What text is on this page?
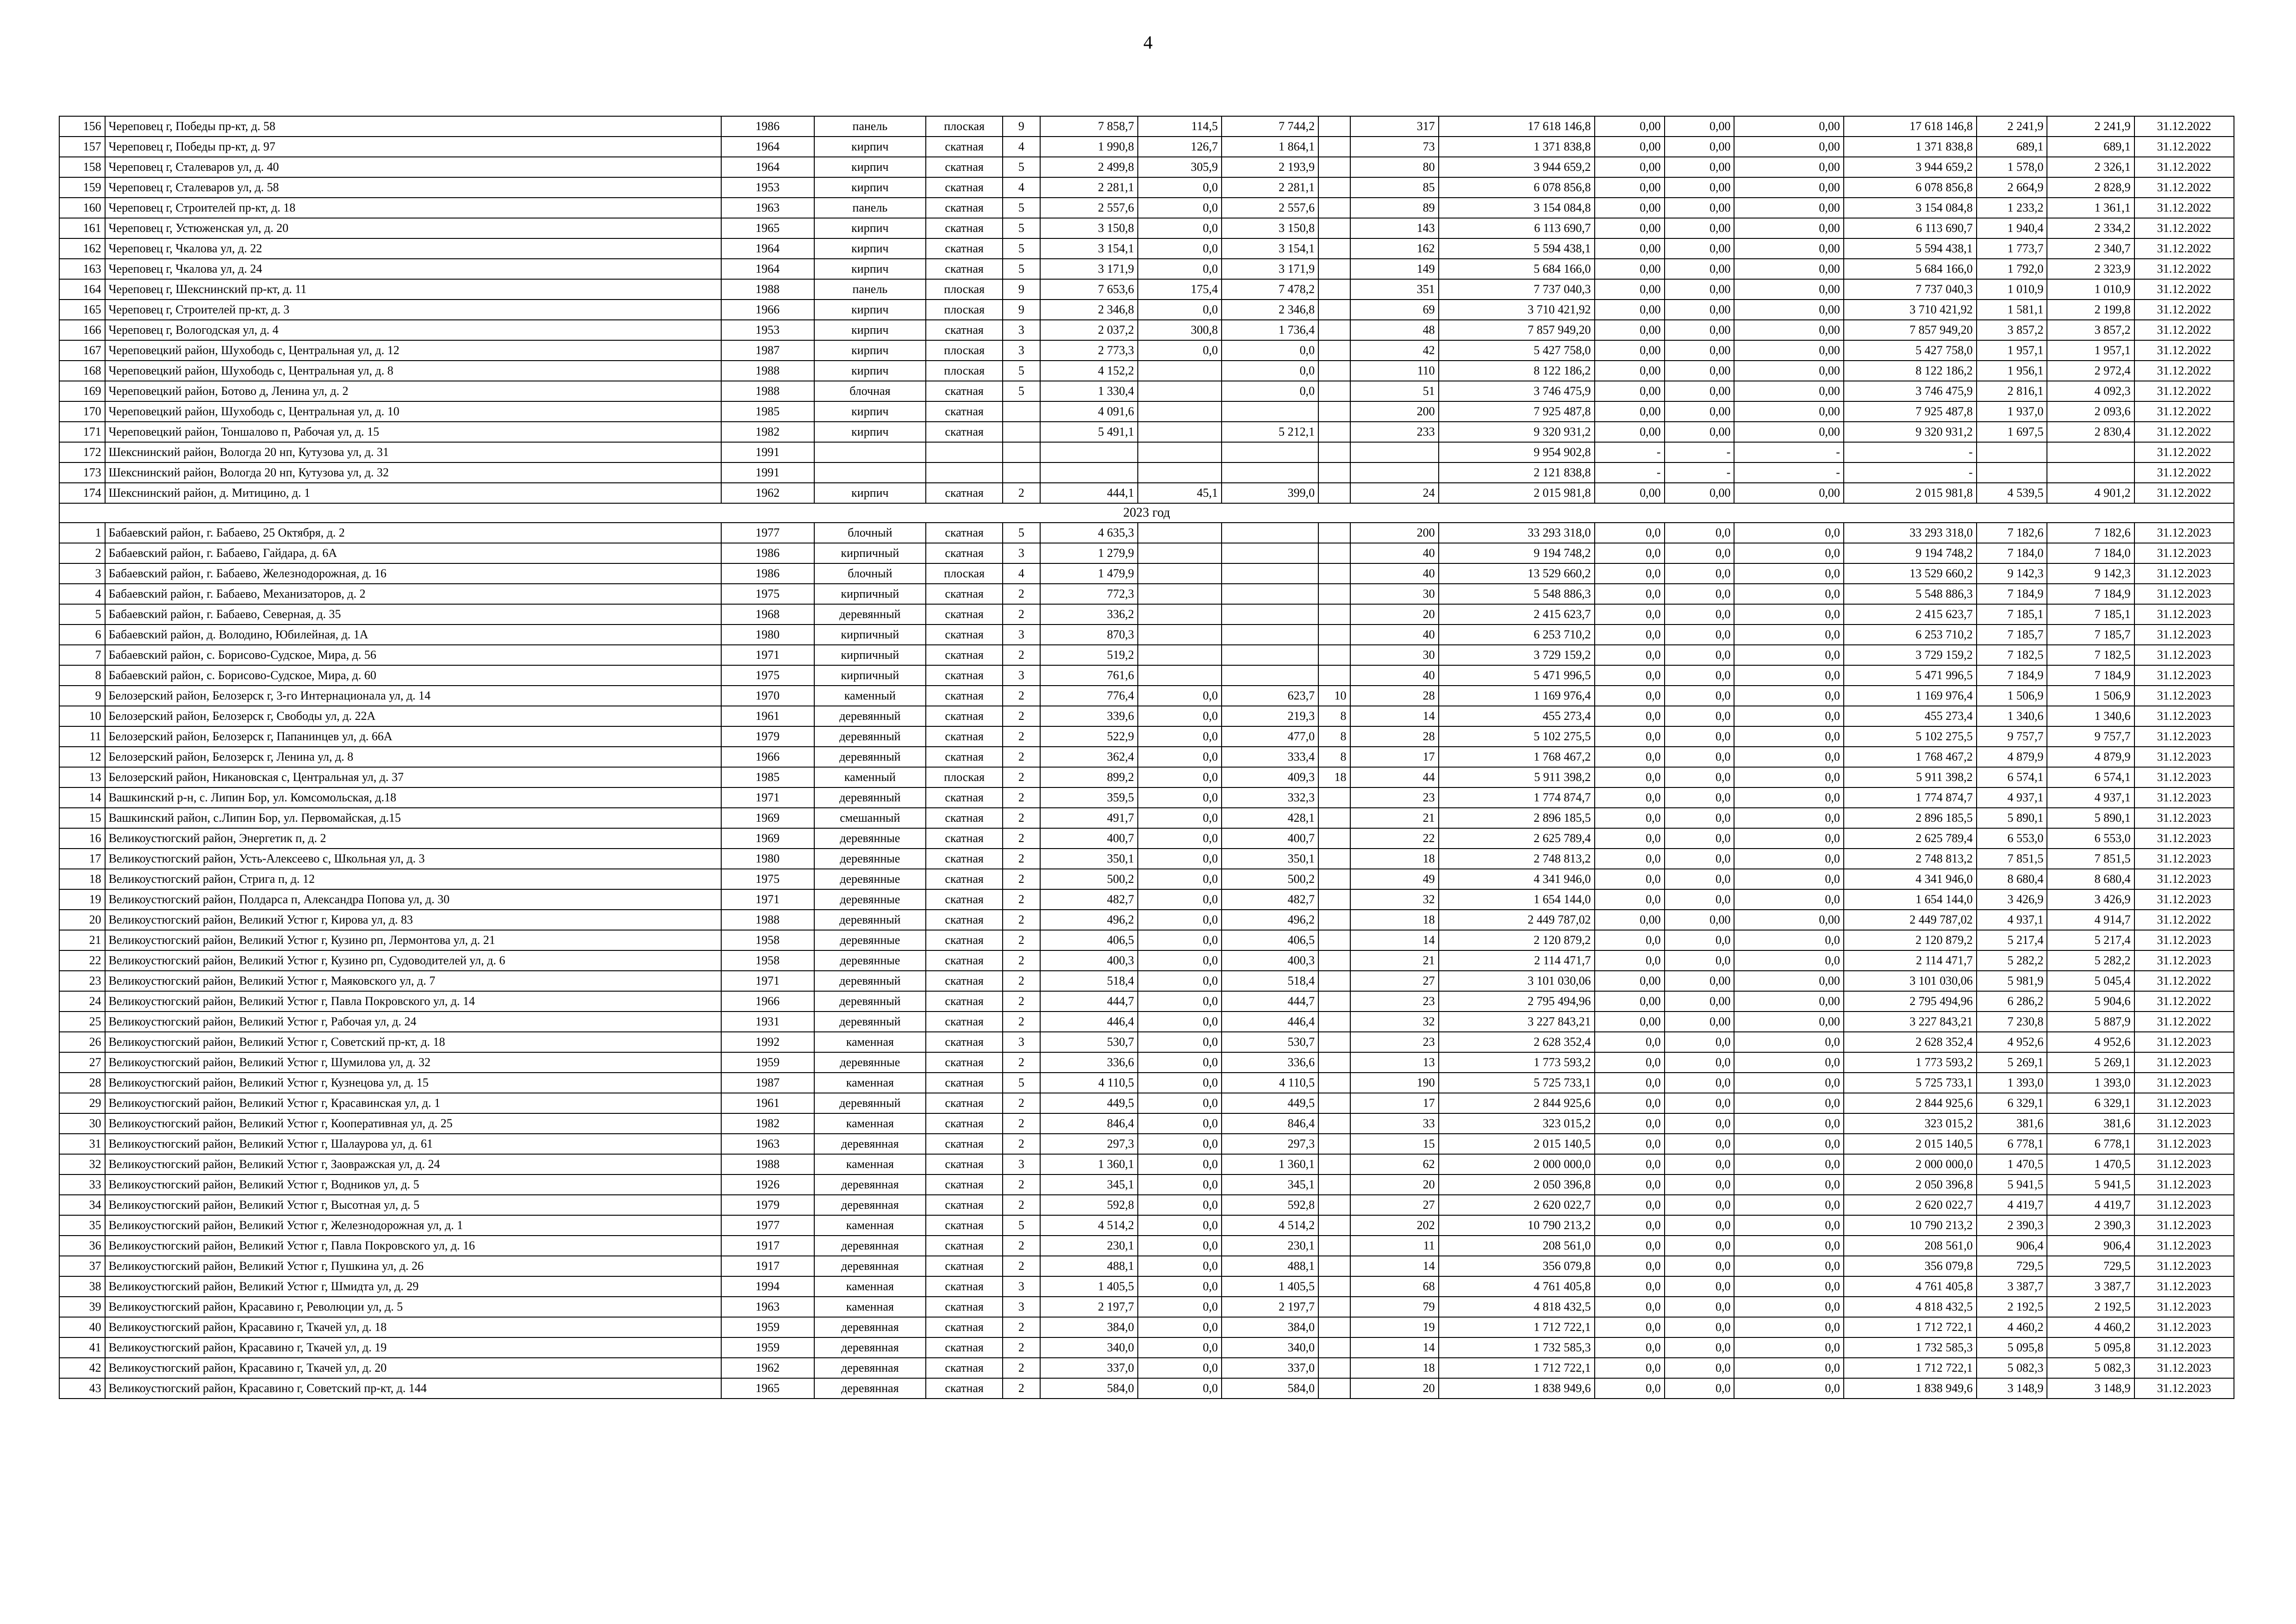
4
156	Череповец г, Победы пр-кт, д. 58	1986	панель	плоская	9	7 858,7	114,5	7 744,2		317	17 618 146,8	0,00	0,00	0,00	17 618 146,8	2 241,9	2 241,9	31.12.2022
157	Череповец г, Победы пр-кт, д. 97	1964	кирпич	скатная	4	1 990,8	126,7	1 864,1		73	1 371 838,8	0,00	0,00	0,00	1 371 838,8	689,1	689,1	31.12.2022
158	Череповец г, Сталеваров ул, д. 40	1964	кирпич	скатная	5	2 499,8	305,9	2 193,9		80	3 944 659,2	0,00	0,00	0,00	3 944 659,2	1 578,0	2 326,1	31.12.2022
159	Череповец г, Сталеваров ул, д. 58	1953	кирпич	скатная	4	2 281,1	0,0	2 281,1		85	6 078 856,8	0,00	0,00	0,00	6 078 856,8	2 664,9	2 828,9	31.12.2022
160	Череповец г, Строителей пр-кт, д. 18	1963	панель	скатная	5	2 557,6	0,0	2 557,6		89	3 154 084,8	0,00	0,00	0,00	3 154 084,8	1 233,2	1 361,1	31.12.2022
161	Череповец г, Устюженская ул, д. 20	1965	кирпич	скатная	5	3 150,8	0,0	3 150,8		143	6 113 690,7	0,00	0,00	0,00	6 113 690,7	1 940,4	2 334,2	31.12.2022
162	Череповец г, Чкалова ул, д. 22	1964	кирпич	скатная	5	3 154,1	0,0	3 154,1		162	5 594 438,1	0,00	0,00	0,00	5 594 438,1	1 773,7	2 340,7	31.12.2022
163	Череповец г, Чкалова ул, д. 24	1964	кирпич	скатная	5	3 171,9	0,0	3 171,9		149	5 684 166,0	0,00	0,00	0,00	5 684 166,0	1 792,0	2 323,9	31.12.2022
164	Череповец г, Шекснинский пр-кт, д. 11	1988	панель	плоская	9	7 653,6	175,4	7 478,2		351	7 737 040,3	0,00	0,00	0,00	7 737 040,3	1 010,9	1 010,9	31.12.2022
165	Череповец г, Строителей пр-кт, д. 3	1966	кирпич	плоская	9	2 346,8	0,0	2 346,8		69	3 710 421,92	0,00	0,00	0,00	3 710 421,92	1 581,1	2 199,8	31.12.2022
166	Череповец г, Вологодская ул, д. 4	1953	кирпич	скатная	3	2 037,2	300,8	1 736,4		48	7 857 949,20	0,00	0,00	0,00	7 857 949,20	3 857,2	3 857,2	31.12.2022
167	Череповецкий район, Шухободь с, Центральная ул, д. 12	1987	кирпич	плоская	3	2 773,3	0,0	0,0		42	5 427 758,0	0,00	0,00	0,00	5 427 758,0	1 957,1	1 957,1	31.12.2022
168	Череповецкий район, Шухободь с, Центральная ул, д. 8	1988	кирпич	плоская	5	4 152,2		0,0		110	8 122 186,2	0,00	0,00	0,00	8 122 186,2	1 956,1	2 972,4	31.12.2022
169	Череповецкий район, Ботово д, Ленина ул, д. 2	1988	блочная	скатная	5	1 330,4		0,0		51	3 746 475,9	0,00	0,00	0,00	3 746 475,9	2 816,1	4 092,3	31.12.2022
170	Череповецкий район, Шухободь с, Центральная ул, д. 10	1985	кирпич	скатная		4 091,6				200	7 925 487,8	0,00	0,00	0,00	7 925 487,8	1 937,0	2 093,6	31.12.2022
171	Череповецкий район, Тоншалово п, Рабочая ул, д. 15	1982	кирпич	скатная		5 491,1		5 212,1		233	9 320 931,2	0,00	0,00	0,00	9 320 931,2	1 697,5	2 830,4	31.12.2022
172	Шекснинский район, Вологда 20 нп, Кутузова ул, д. 31	1991									9 954 902,8	-	-	-	-			31.12.2022
173	Шекснинский район, Вологда 20 нп, Кутузова ул, д. 32	1991									2 121 838,8	-	-	-	-			31.12.2022
174	Шекснинский район, д. Митицино, д. 1	1962	кирпич	скатная	2	444,1	45,1	399,0		24	2 015 981,8	0,00	0,00	0,00	2 015 981,8	4 539,5	4 901,2	31.12.2022
2023 год																		
1	Бабаевский район, г. Бабаево, 25 Октября, д. 2	1977	блочный	скатная	5	4 635,3				200	33 293 318,0	0,0	0,0	0,0	33 293 318,0	7 182,6	7 182,6	31.12.2023
2	Бабаевский район, г. Бабаево, Гайдара, д. 6А	1986	кирпичный	скатная	3	1 279,9				40	9 194 748,2	0,0	0,0	0,0	9 194 748,2	7 184,0	7 184,0	31.12.2023
3	Бабаевский район, г. Бабаево, Железнодорожная, д. 16	1986	блочный	плоская	4	1 479,9				40	13 529 660,2	0,0	0,0	0,0	13 529 660,2	9 142,3	9 142,3	31.12.2023
4	Бабаевский район, г. Бабаево, Механизаторов, д. 2	1975	кирпичный	скатная	2	772,3				30	5 548 886,3	0,0	0,0	0,0	5 548 886,3	7 184,9	7 184,9	31.12.2023
5	Бабаевский район, г. Бабаево, Северная, д. 35	1968	деревянный	скатная	2	336,2				20	2 415 623,7	0,0	0,0	0,0	2 415 623,7	7 185,1	7 185,1	31.12.2023
6	Бабаевский район, д. Володино, Юбилейная, д. 1А	1980	кирпичный	скатная	3	870,3				40	6 253 710,2	0,0	0,0	0,0	6 253 710,2	7 185,7	7 185,7	31.12.2023
7	Бабаевский район, с. Борисово-Судское, Мира, д. 56	1971	кирпичный	скатная	2	519,2				30	3 729 159,2	0,0	0,0	0,0	3 729 159,2	7 182,5	7 182,5	31.12.2023
8	Бабаевский район, с. Борисово-Судское, Мира, д. 60	1975	кирпичный	скатная	3	761,6				40	5 471 996,5	0,0	0,0	0,0	5 471 996,5	7 184,9	7 184,9	31.12.2023
9	Белозерский район, Белозерск г, 3-го Интернационала ул, д. 14	1970	каменный	скатная	2	776,4	0,0	623,7	10	28	1 169 976,4	0,0	0,0	0,0	1 169 976,4	1 506,9	1 506,9	31.12.2023
10	Белозерский район, Белозерск г, Свободы ул, д. 22А	1961	деревянный	скатная	2	339,6	0,0	219,3	8	14	455 273,4	0,0	0,0	0,0	455 273,4	1 340,6	1 340,6	31.12.2023
11	Белозерский район, Белозерск г, Папанинцев ул, д. 66А	1979	деревянный	скатная	2	522,9	0,0	477,0	8	28	5 102 275,5	0,0	0,0	0,0	5 102 275,5	9 757,7	9 757,7	31.12.2023
12	Белозерский район, Белозерск г, Ленина ул, д. 8	1966	деревянный	скатная	2	362,4	0,0	333,4	8	17	1 768 467,2	0,0	0,0	0,0	1 768 467,2	4 879,9	4 879,9	31.12.2023
13	Белозерский район, Никановская с, Центральная ул, д. 37	1985	каменный	плоская	2	899,2	0,0	409,3	18	44	5 911 398,2	0,0	0,0	0,0	5 911 398,2	6 574,1	6 574,1	31.12.2023
14	Вашкинский р-н, с. Липин Бор, ул. Комсомольская, д.18	1971	деревянный	скатная	2	359,5	0,0	332,3		23	1 774 874,7	0,0	0,0	0,0	1 774 874,7	4 937,1	4 937,1	31.12.2023
15	Вашкинский район, с.Липин Бор, ул. Первомайская, д.15	1969	смешанный	скатная	2	491,7	0,0	428,1		21	2 896 185,5	0,0	0,0	0,0	2 896 185,5	5 890,1	5 890,1	31.12.2023
16	Великоустюгский район, Энергетик п, д. 2	1969	деревянные	скатная	2	400,7	0,0	400,7		22	2 625 789,4	0,0	0,0	0,0	2 625 789,4	6 553,0	6 553,0	31.12.2023
17	Великоустюгский район, Усть-Алексеево с, Школьная ул, д. 3	1980	деревянные	скатная	2	350,1	0,0	350,1		18	2 748 813,2	0,0	0,0	0,0	2 748 813,2	7 851,5	7 851,5	31.12.2023
18	Великоустюгский район, Стрига п, д. 12	1975	деревянные	скатная	2	500,2	0,0	500,2		49	4 341 946,0	0,0	0,0	0,0	4 341 946,0	8 680,4	8 680,4	31.12.2023
19	Великоустюгский район, Полдарса п, Александра Попова ул, д. 30	1971	деревянные	скатная	2	482,7	0,0	482,7		32	1 654 144,0	0,0	0,0	0,0	1 654 144,0	3 426,9	3 426,9	31.12.2023
20	Великоустюгский район, Великий Устюг г, Кирова ул, д. 83	1988	деревянный	скатная	2	496,2	0,0	496,2		18	2 449 787,02	0,00	0,00	0,00	2 449 787,02	4 937,1	4 914,7	31.12.2022
21	Великоустюгский район, Великий Устюг г, Кузино рп, Лермонтова ул, д. 21	1958	деревянные	скатная	2	406,5	0,0	406,5		14	2 120 879,2	0,0	0,0	0,0	2 120 879,2	5 217,4	5 217,4	31.12.2023
22	Великоустюгский район, Великий Устюг г, Кузино рп, Судоводителей ул, д. 6	1958	деревянные	скатная	2	400,3	0,0	400,3		21	2 114 471,7	0,0	0,0	0,0	2 114 471,7	5 282,2	5 282,2	31.12.2023
23	Великоустюгский район, Великий Устюг г, Маяковского ул, д. 7	1971	деревянный	скатная	2	518,4	0,0	518,4		27	3 101 030,06	0,00	0,00	0,00	3 101 030,06	5 981,9	5 045,4	31.12.2022
24	Великоустюгский район, Великий Устюг г, Павла Покровского ул, д. 14	1966	деревянный	скатная	2	444,7	0,0	444,7		23	2 795 494,96	0,00	0,00	0,00	2 795 494,96	6 286,2	5 904,6	31.12.2022
25	Великоустюгский район, Великий Устюг г, Рабочая ул, д. 24	1931	деревянный	скатная	2	446,4	0,0	446,4		32	3 227 843,21	0,00	0,00	0,00	3 227 843,21	7 230,8	5 887,9	31.12.2022
26	Великоустюгский район, Великий Устюг г, Советский пр-кт, д. 18	1992	каменная	скатная	3	530,7	0,0	530,7		23	2 628 352,4	0,0	0,0	0,0	2 628 352,4	4 952,6	4 952,6	31.12.2023
27	Великоустюгский район, Великий Устюг г, Шумилова ул, д. 32	1959	деревянные	скатная	2	336,6	0,0	336,6		13	1 773 593,2	0,0	0,0	0,0	1 773 593,2	5 269,1	5 269,1	31.12.2023
28	Великоустюгский район, Великий Устюг г, Кузнецова ул, д. 15	1987	каменная	скатная	5	4 110,5	0,0	4 110,5		190	5 725 733,1	0,0	0,0	0,0	5 725 733,1	1 393,0	1 393,0	31.12.2023
29	Великоустюгский район, Великий Устюг г, Красавинская ул, д. 1	1961	деревянный	скатная	2	449,5	0,0	449,5		17	2 844 925,6	0,0	0,0	0,0	2 844 925,6	6 329,1	6 329,1	31.12.2023
30	Великоустюгский район, Великий Устюг г, Кооперативная ул, д. 25	1982	каменная	скатная	2	846,4	0,0	846,4		33	323 015,2	0,0	0,0	0,0	323 015,2	381,6	381,6	31.12.2023
31	Великоустюгский район, Великий Устюг г, Шалаурова ул, д. 61	1963	деревянная	скатная	2	297,3	0,0	297,3		15	2 015 140,5	0,0	0,0	0,0	2 015 140,5	6 778,1	6 778,1	31.12.2023
32	Великоустюгский район, Великий Устюг г, Заовражская ул, д. 24	1988	каменная	скатная	3	1 360,1	0,0	1 360,1		62	2 000 000,0	0,0	0,0	0,0	2 000 000,0	1 470,5	1 470,5	31.12.2023
33	Великоустюгский район, Великий Устюг г, Водников ул, д. 5	1926	деревянная	скатная	2	345,1	0,0	345,1		20	2 050 396,8	0,0	0,0	0,0	2 050 396,8	5 941,5	5 941,5	31.12.2023
34	Великоустюгский район, Великий Устюг г, Высотная ул, д. 5	1979	деревянная	скатная	2	592,8	0,0	592,8		27	2 620 022,7	0,0	0,0	0,0	2 620 022,7	4 419,7	4 419,7	31.12.2023
35	Великоустюгский район, Великий Устюг г, Железнодорожная ул, д. 1	1977	каменная	скатная	5	4 514,2	0,0	4 514,2		202	10 790 213,2	0,0	0,0	0,0	10 790 213,2	2 390,3	2 390,3	31.12.2023
36	Великоустюгский район, Великий Устюг г, Павла Покровского ул, д. 16	1917	деревянная	скатная	2	230,1	0,0	230,1		11	208 561,0	0,0	0,0	0,0	208 561,0	906,4	906,4	31.12.2023
37	Великоустюгский район, Великий Устюг г, Пушкина ул, д. 26	1917	деревянная	скатная	2	488,1	0,0	488,1		14	356 079,8	0,0	0,0	0,0	356 079,8	729,5	729,5	31.12.2023
38	Великоустюгский район, Великий Устюг г, Шмидта ул, д. 29	1994	каменная	скатная	3	1 405,5	0,0	1 405,5		68	4 761 405,8	0,0	0,0	0,0	4 761 405,8	3 387,7	3 387,7	31.12.2023
39	Великоустюгский район, Красавино г, Революции ул, д. 5	1963	каменная	скатная	3	2 197,7	0,0	2 197,7		79	4 818 432,5	0,0	0,0	0,0	4 818 432,5	2 192,5	2 192,5	31.12.2023
40	Великоустюгский район, Красавино г, Ткачей ул, д. 18	1959	деревянная	скатная	2	384,0	0,0	384,0		19	1 712 722,1	0,0	0,0	0,0	1 712 722,1	4 460,2	4 460,2	31.12.2023
41	Великоустюгский район, Красавино г, Ткачей ул, д. 19	1959	деревянная	скатная	2	340,0	0,0	340,0		14	1 732 585,3	0,0	0,0	0,0	1 732 585,3	5 095,8	5 095,8	31.12.2023
42	Великоустюгский район, Красавино г, Ткачей ул, д. 20	1962	деревянная	скатная	2	337,0	0,0	337,0		18	1 712 722,1	0,0	0,0	0,0	1 712 722,1	5 082,3	5 082,3	31.12.2023
43	Великоустюгский район, Красавино г, Советский пр-кт, д. 144	1965	деревянная	скатная	2	584,0	0,0	584,0		20	1 838 949,6	0,0	0,0	0,0	1 838 949,6	3 148,9	3 148,9	31.12.2023
